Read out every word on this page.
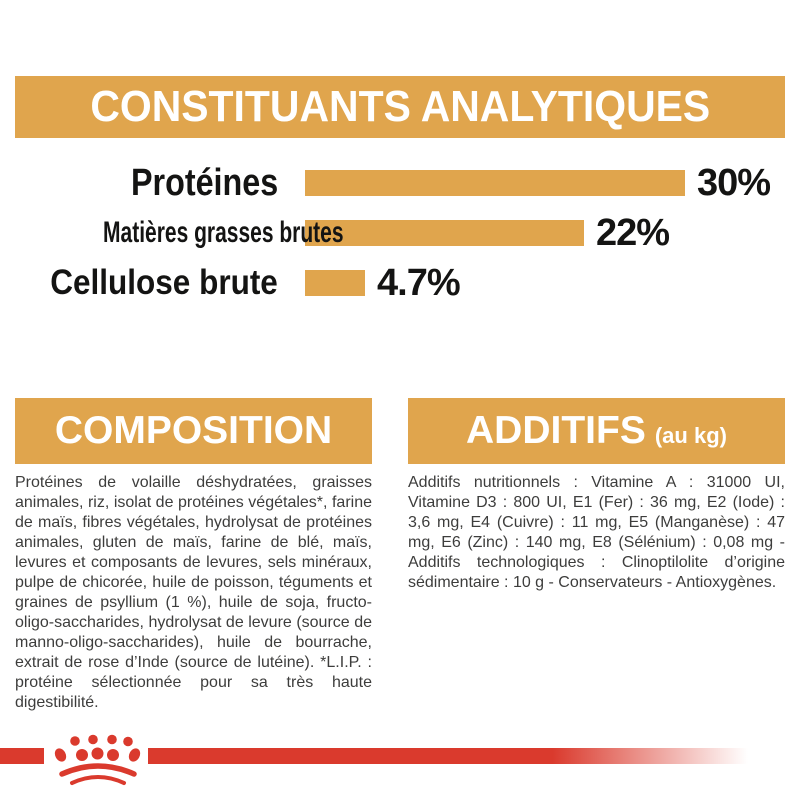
CONSTITUANTS ANALYTIQUES
Protéines	30%
Matières grasses brutes	22%
Cellulose brute	4.7%
COMPOSITION
Protéines de volaille déshydratées, graisses animales, riz, isolat de protéines végétales*, farine de maïs, fibres végétales, hydrolysat de protéines animales, gluten de maïs, farine de blé, maïs, levures et composants de levures, sels minéraux, pulpe de chicorée, huile de poisson, téguments et graines de psyllium (1 %), huile de soja, fructo-oligo-saccharides, hydrolysat de levure (source de manno-oligo-saccharides), huile de bourrache, extrait de rose d’Inde (source de lutéine). *L.I.P. : protéine sélectionnée pour sa très haute digestibilité.
ADDITIFS (au kg)
Additifs nutritionnels : Vitamine A : 31000 UI, Vitamine D3 : 800 UI, E1 (Fer) : 36 mg, E2 (Iode) : 3,6 mg, E4 (Cuivre) : 11 mg, E5 (Manganèse) : 47 mg, E6 (Zinc) : 140 mg, E8 (Sélénium) : 0,08 mg - Additifs technologiques : Clinoptilolite d’origine sédimentaire : 10 g - Conservateurs - Antioxygènes.
